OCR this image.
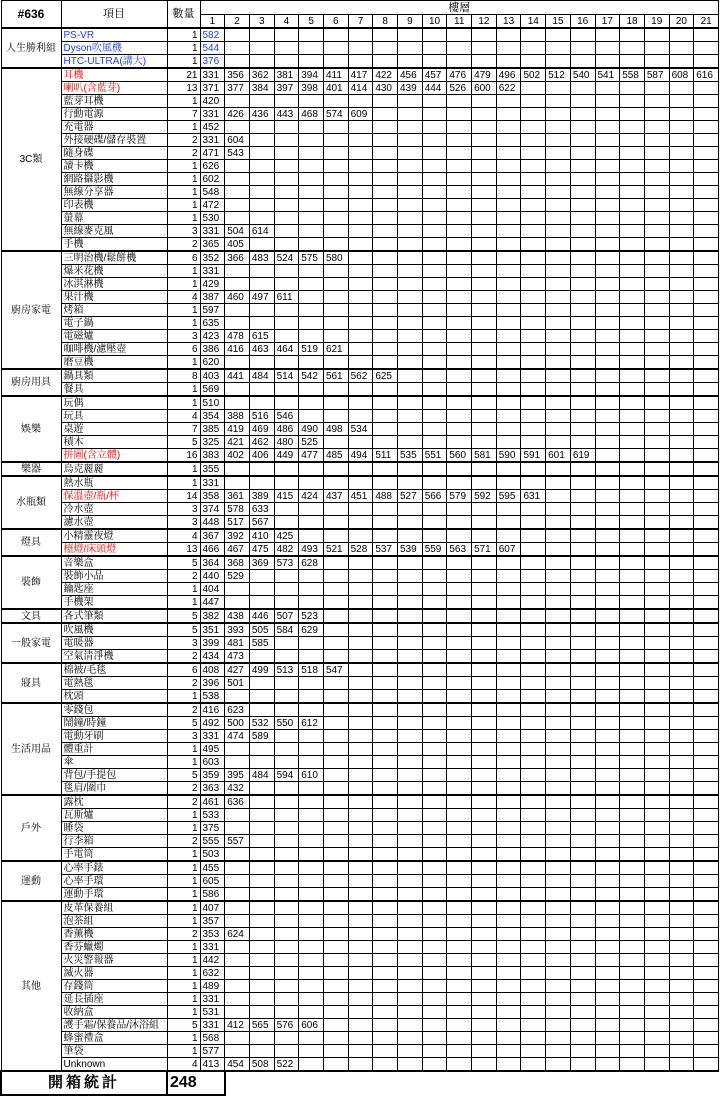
#636	項目	數量	樓層																				
			1	2	3	4	5	6	7	8	9	10	11	12	13	14	15	16	17	18	19	20	21
人生勝利組	PS-VR	1	582																				
	Dyson吹風機	1	544																				
	HTC-ULTRA(講大)	1	376																				
3C類	耳機	21	331	356	362	381	394	411	417	422	456	457	476	479	496	502	512	540	541	558	587	608	616
	喇叭(含藍芽)	13	371	377	384	397	398	401	414	430	439	444	526	600	622								
	藍芽耳機	1	420																				
	行動電源	7	331	426	436	443	468	574	609														
	充電器	1	452																				
	外接硬碟/儲存裝置	2	331	604																			
	隨身碟	2	471	543																			
	讀卡機	1	626																				
	網路攝影機	1	602																				
	無線分享器	1	548																				
	印表機	1	472																				
	螢幕	1	530																				
	無線麥克風	3	331	504	614																		
	手機	2	365	405																			
廚房家電	三明治機/鬆餅機	6	352	366	483	524	575	580															
	爆米花機	1	331																				
	冰淇淋機	1	429																				
	果汁機	4	387	460	497	611																	
	烤箱	1	597																				
	電子鍋	1	635																				
	電磁爐	3	423	478	615																		
	咖啡機/濾壓壺	6	386	416	463	464	519	621															
	磨豆機	1	620																				
廚房用具	鍋具類	8	403	441	484	514	542	561	562	625													
	餐具	1	569																				
娛樂	玩偶	1	510																				
	玩具	4	354	388	516	546																	
	桌遊	7	385	419	469	486	490	498	534														
	積木	5	325	421	462	480	525																
	拼圖(含立體)	16	383	402	406	449	477	485	494	511	535	551	560	581	590	591	601	619					
樂器	烏克麗麗	1	355																				
水瓶類	熱水瓶	1	331																				
	保溫壺/瓶/杯	14	358	361	389	415	424	437	451	488	527	566	579	592	595	631							
	冷水壺	3	374	578	633																		
	濾水壺	3	448	517	567																		
燈具	小精靈夜燈	4	367	392	410	425																	
	檯燈/床頭燈	13	466	467	475	482	493	521	528	537	539	559	563	571	607								
裝飾	音樂盒	5	364	368	369	573	628																
	裝飾小品	2	440	529																			
	鑰匙座	1	404																				
	手機架	1	447																				
文具	各式筆類	5	382	438	446	507	523																
一般家電	吹風機	5	351	393	505	584	629																
	電暖器	3	399	481	585																		
	空氣清淨機	2	434	473																			
寢具	棉被/毛毯	6	408	427	499	513	518	547															
	電熱毯	2	396	501																			
	枕頭	1	538																				
生活用品	零錢包	2	416	623																			
	鬧鐘/時鐘	5	492	500	532	550	612																
	電動牙刷	3	331	474	589																		
	體重計	1	495																				
	傘	1	603																				
	背包/手提包	5	359	395	484	594	610																
	毯肩/圍巾	2	363	432																			
戶外	露枕	2	461	636																			
	瓦斯爐	1	533																				
	睡袋	1	375																				
	行李箱	2	555	557																			
	手電筒	1	503																				
運動	心率手錶	1	455																				
	心率手環	1	605																				
	運動手環	1	586																				
其他	皮革保養組	1	407																				
	泡茶組	1	357																				
	香薰機	2	353	624																			
	香芬蠟燭	1	331																				
	火災警報器	1	442																				
	滅火器	1	632																				
	存錢筒	1	489																				
	延長插座	1	331																				
	收納盒	1	531																				
	護手霜/保養品/沐浴組	5	331	412	565	576	606																
	蜂蜜禮盒	1	568																				
	筆袋	1	577																				
	Unknown	4	413	454	508	522																	
開箱統計		248																					
